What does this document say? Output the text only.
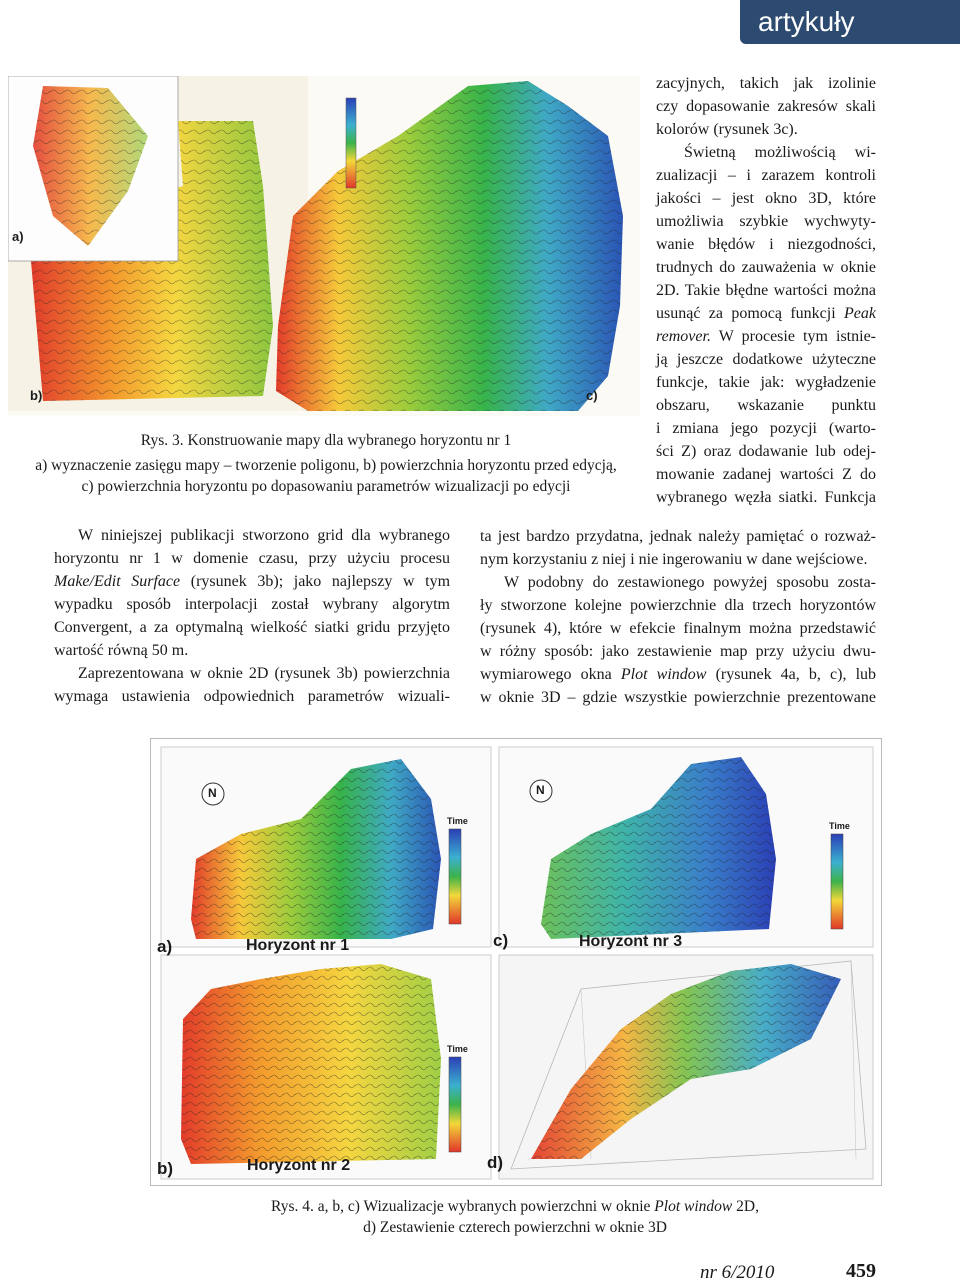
artykuły
a)
b)	c)

Rys. 3. Konstruowanie mapy dla wybranego horyzontu nr 1

a) wyznaczenie zasięgu mapy – tworzenie poligonu, b) powierzchnia horyzontu przed edycją,

c) powierzchnia horyzontu po dopasowaniu parametrów wizualizacji po edycji

zacyjnych, takich jak izolinie

czy dopasowanie zakresów skali

kolorów (rysunek 3c).

Świetną możliwością wi-

zualizacji – i zarazem kontroli

jakości – jest okno 3D, które

umożliwia szybkie wychwyty-

wanie błędów i niezgodności,

trudnych do zauważenia w oknie

2D. Takie błędne wartości można

usunąć za pomocą funkcji Peak

remover. W procesie tym istnie-

ją jeszcze dodatkowe użyteczne

funkcje, takie jak: wygładzenie

obszaru, wskazanie punktu

i zmiana jego pozycji (warto-

ści Z) oraz dodawanie lub odej-

mowanie zadanej wartości Z do

wybranego węzła siatki. Funkcja

W niniejszej publikacji stworzono grid dla wybranego

horyzontu nr 1 w domenie czasu, przy użyciu procesu

Make/Edit Surface (rysunek 3b); jako najlepszy w tym

wypadku sposób interpolacji został wybrany algorytm

Convergent, a za optymalną wielkość siatki gridu przyjęto

wartość równą 50 m.

Zaprezentowana w oknie 2D (rysunek 3b) powierzchnia

wymaga ustawienia odpowiednich parametrów wizuali-

ta jest bardzo przydatna, jednak należy pamiętać o rozważ-

nym korzystaniu z niej i nie ingerowaniu w dane wejściowe.

W podobny do zestawionego powyżej sposobu zosta-

ły stworzone kolejne powierzchnie dla trzech horyzontów

(rysunek 4), które w efekcie finalnym można przedstawić

w różny sposób: jako zestawienie map przy użyciu dwu-

wymiarowego okna Plot window (rysunek 4a, b, c), lub

w oknie 3D – gdzie wszystkie powierzchnie prezentowane

N	N
Time	Time
Time
a)	Horyzont nr 1	c)	Horyzont nr 3
b)	Horyzont nr 2	d)

Rys. 4. a, b, c) Wizualizacje wybranych powierzchni w oknie Plot window 2D,

d) Zestawienie czterech powierzchni w oknie 3D

nr 6/2010	459
